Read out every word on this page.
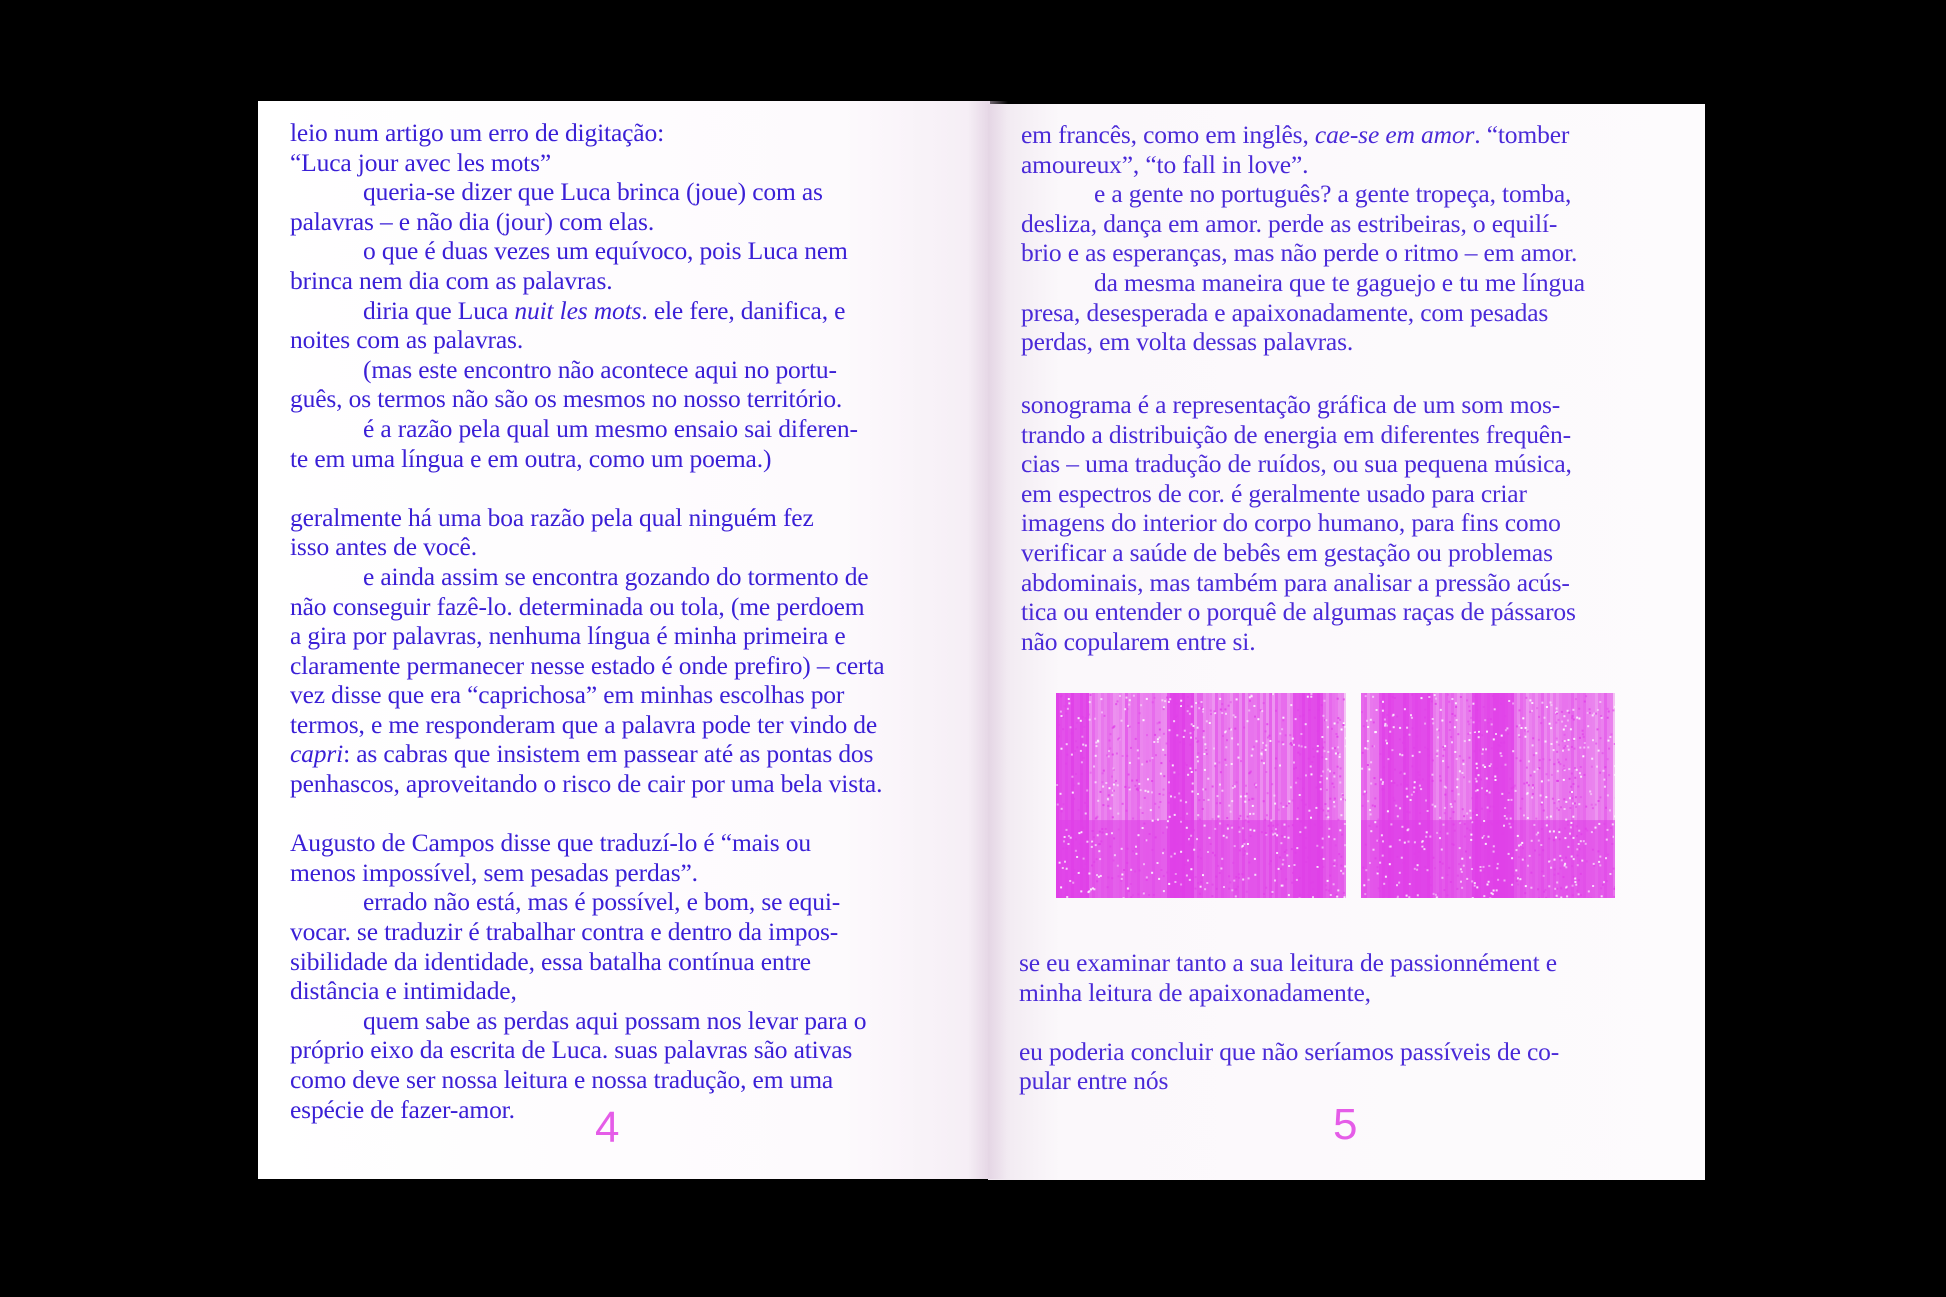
leio num artigo um erro de digitação:

“Luca jour avec les mots”

queria-se dizer que Luca brinca (joue) com as

palavras – e não dia (jour) com elas.

o que é duas vezes um equívoco, pois Luca nem

brinca nem dia com as palavras.

diria que Luca nuit les mots. ele fere, danifica, e

noites com as palavras.

(mas este encontro não acontece aqui no portu-

guês, os termos não são os mesmos no nosso território.

é a razão pela qual um mesmo ensaio sai diferen-

te em uma língua e em outra, como um poema.)

geralmente há uma boa razão pela qual ninguém fez

isso antes de você.

e ainda assim se encontra gozando do tormento de

não conseguir fazê-lo. determinada ou tola, (me perdoem

a gira por palavras, nenhuma língua é minha primeira e

claramente permanecer nesse estado é onde prefiro) – certa

vez disse que era “caprichosa” em minhas escolhas por

termos, e me responderam que a palavra pode ter vindo de

capri: as cabras que insistem em passear até as pontas dos

penhascos, aproveitando o risco de cair por uma bela vista.

Augusto de Campos disse que traduzí-lo é “mais ou

menos impossível, sem pesadas perdas”.

errado não está, mas é possível, e bom, se equi-

vocar. se traduzir é trabalhar contra e dentro da impos-

sibilidade da identidade, essa batalha contínua entre

distância e intimidade,

quem sabe as perdas aqui possam nos levar para o

próprio eixo da escrita de Luca. suas palavras são ativas

como deve ser nossa leitura e nossa tradução, em uma

espécie de fazer-amor.

em francês, como em inglês, cae-se em amor. “tomber

amoureux”, “to fall in love”.

e a gente no português? a gente tropeça, tomba,

desliza, dança em amor. perde as estribeiras, o equilí-

brio e as esperanças, mas não perde o ritmo – em amor.

da mesma maneira que te gaguejo e tu me língua

presa, desesperada e apaixonadamente, com pesadas

perdas, em volta dessas palavras.

sonograma é a representação gráfica de um som mos-

trando a distribuição de energia em diferentes frequên-

cias – uma tradução de ruídos, ou sua pequena música,

em espectros de cor. é geralmente usado para criar

imagens do interior do corpo humano, para fins como

verificar a saúde de bebês em gestação ou problemas

abdominais, mas também para analisar a pressão acús-

tica ou entender o porquê de algumas raças de pássaros

não copularem entre si.

se eu examinar tanto a sua leitura de passionnément e

minha leitura de apaixonadamente,

eu poderia concluir que não seríamos passíveis de co-

pular entre nós

4	5
